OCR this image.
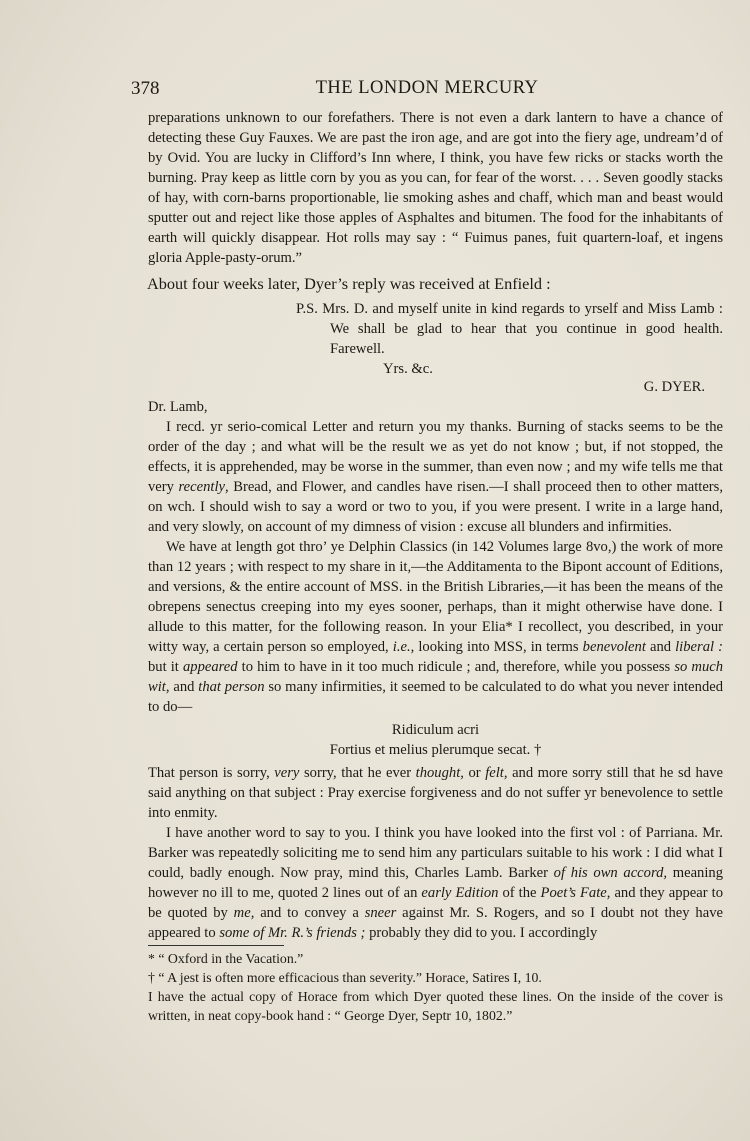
378	THE LONDON MERCURY

preparations unknown to our forefathers. There is not even a dark lantern to have a chance of detecting these Guy Fauxes. We are past the iron age, and are got into the fiery age, undream’d of by Ovid. You are lucky in Clifford’s Inn where, I think, you have few ricks or stacks worth the burning. Pray keep as little corn by you as you can, for fear of the worst. . . . Seven goodly stacks of hay, with corn-barns proportionable, lie smoking ashes and chaff, which man and beast would sputter out and reject like those apples of Asphaltes and bitumen. The food for the inhabitants of earth will quickly disappear. Hot rolls may say : “ Fuimus panes, fuit quartern-loaf, et ingens gloria Apple-pasty-orum.”

About four weeks later, Dyer’s reply was received at Enfield :

P.S. Mrs. D. and myself unite in kind regards to yrself and Miss Lamb : We shall be glad to hear that you continue in good health. Farewell.

Yrs. &c.

G. DYER.

Dr. Lamb,

I recd. yr serio-comical Letter and return you my thanks. Burning of stacks seems to be the order of the day ; and what will be the result we as yet do not know ; but, if not stopped, the effects, it is apprehended, may be worse in the summer, than even now ; and my wife tells me that very recently, Bread, and Flower, and candles have risen.—I shall proceed then to other matters, on wch. I should wish to say a word or two to you, if you were present. I write in a large hand, and very slowly, on account of my dimness of vision : excuse all blunders and infirmities.

We have at length got thro’ ye Delphin Classics (in 142 Volumes large 8vo,) the work of more than 12 years ; with respect to my share in it,—the Additamenta to the Bipont account of Editions, and versions, & the entire account of MSS. in the British Libraries,—it has been the means of the obrepens senectus creeping into my eyes sooner, perhaps, than it might otherwise have done. I allude to this matter, for the following reason. In your Elia* I recollect, you described, in your witty way, a certain person so employed, i.e., looking into MSS, in terms benevolent and liberal : but it appeared to him to have in it too much ridicule ; and, therefore, while you possess so much wit, and that person so many infirmities, it seemed to be calculated to do what you never intended to do—

Ridiculum acri

Fortius et melius plerumque secat. †

That person is sorry, very sorry, that he ever thought, or felt, and more sorry still that he sd have said anything on that subject : Pray exercise forgiveness and do not suffer yr benevolence to settle into enmity.

I have another word to say to you. I think you have looked into the first vol : of Parriana. Mr. Barker was repeatedly soliciting me to send him any particulars suitable to his work : I did what I could, badly enough. Now pray, mind this, Charles Lamb. Barker of his own accord, meaning however no ill to me, quoted 2 lines out of an early Edition of the Poet’s Fate, and they appear to be quoted by me, and to convey a sneer against Mr. S. Rogers, and so I doubt not they have appeared to some of Mr. R.’s friends ; probably they did to you. I accordingly

* “ Oxford in the Vacation.”

† “ A jest is often more efficacious than severity.” Horace, Satires I, 10.

I have the actual copy of Horace from which Dyer quoted these lines. On the inside of the cover is written, in neat copy-book hand : “ George Dyer, Septr 10, 1802.”
